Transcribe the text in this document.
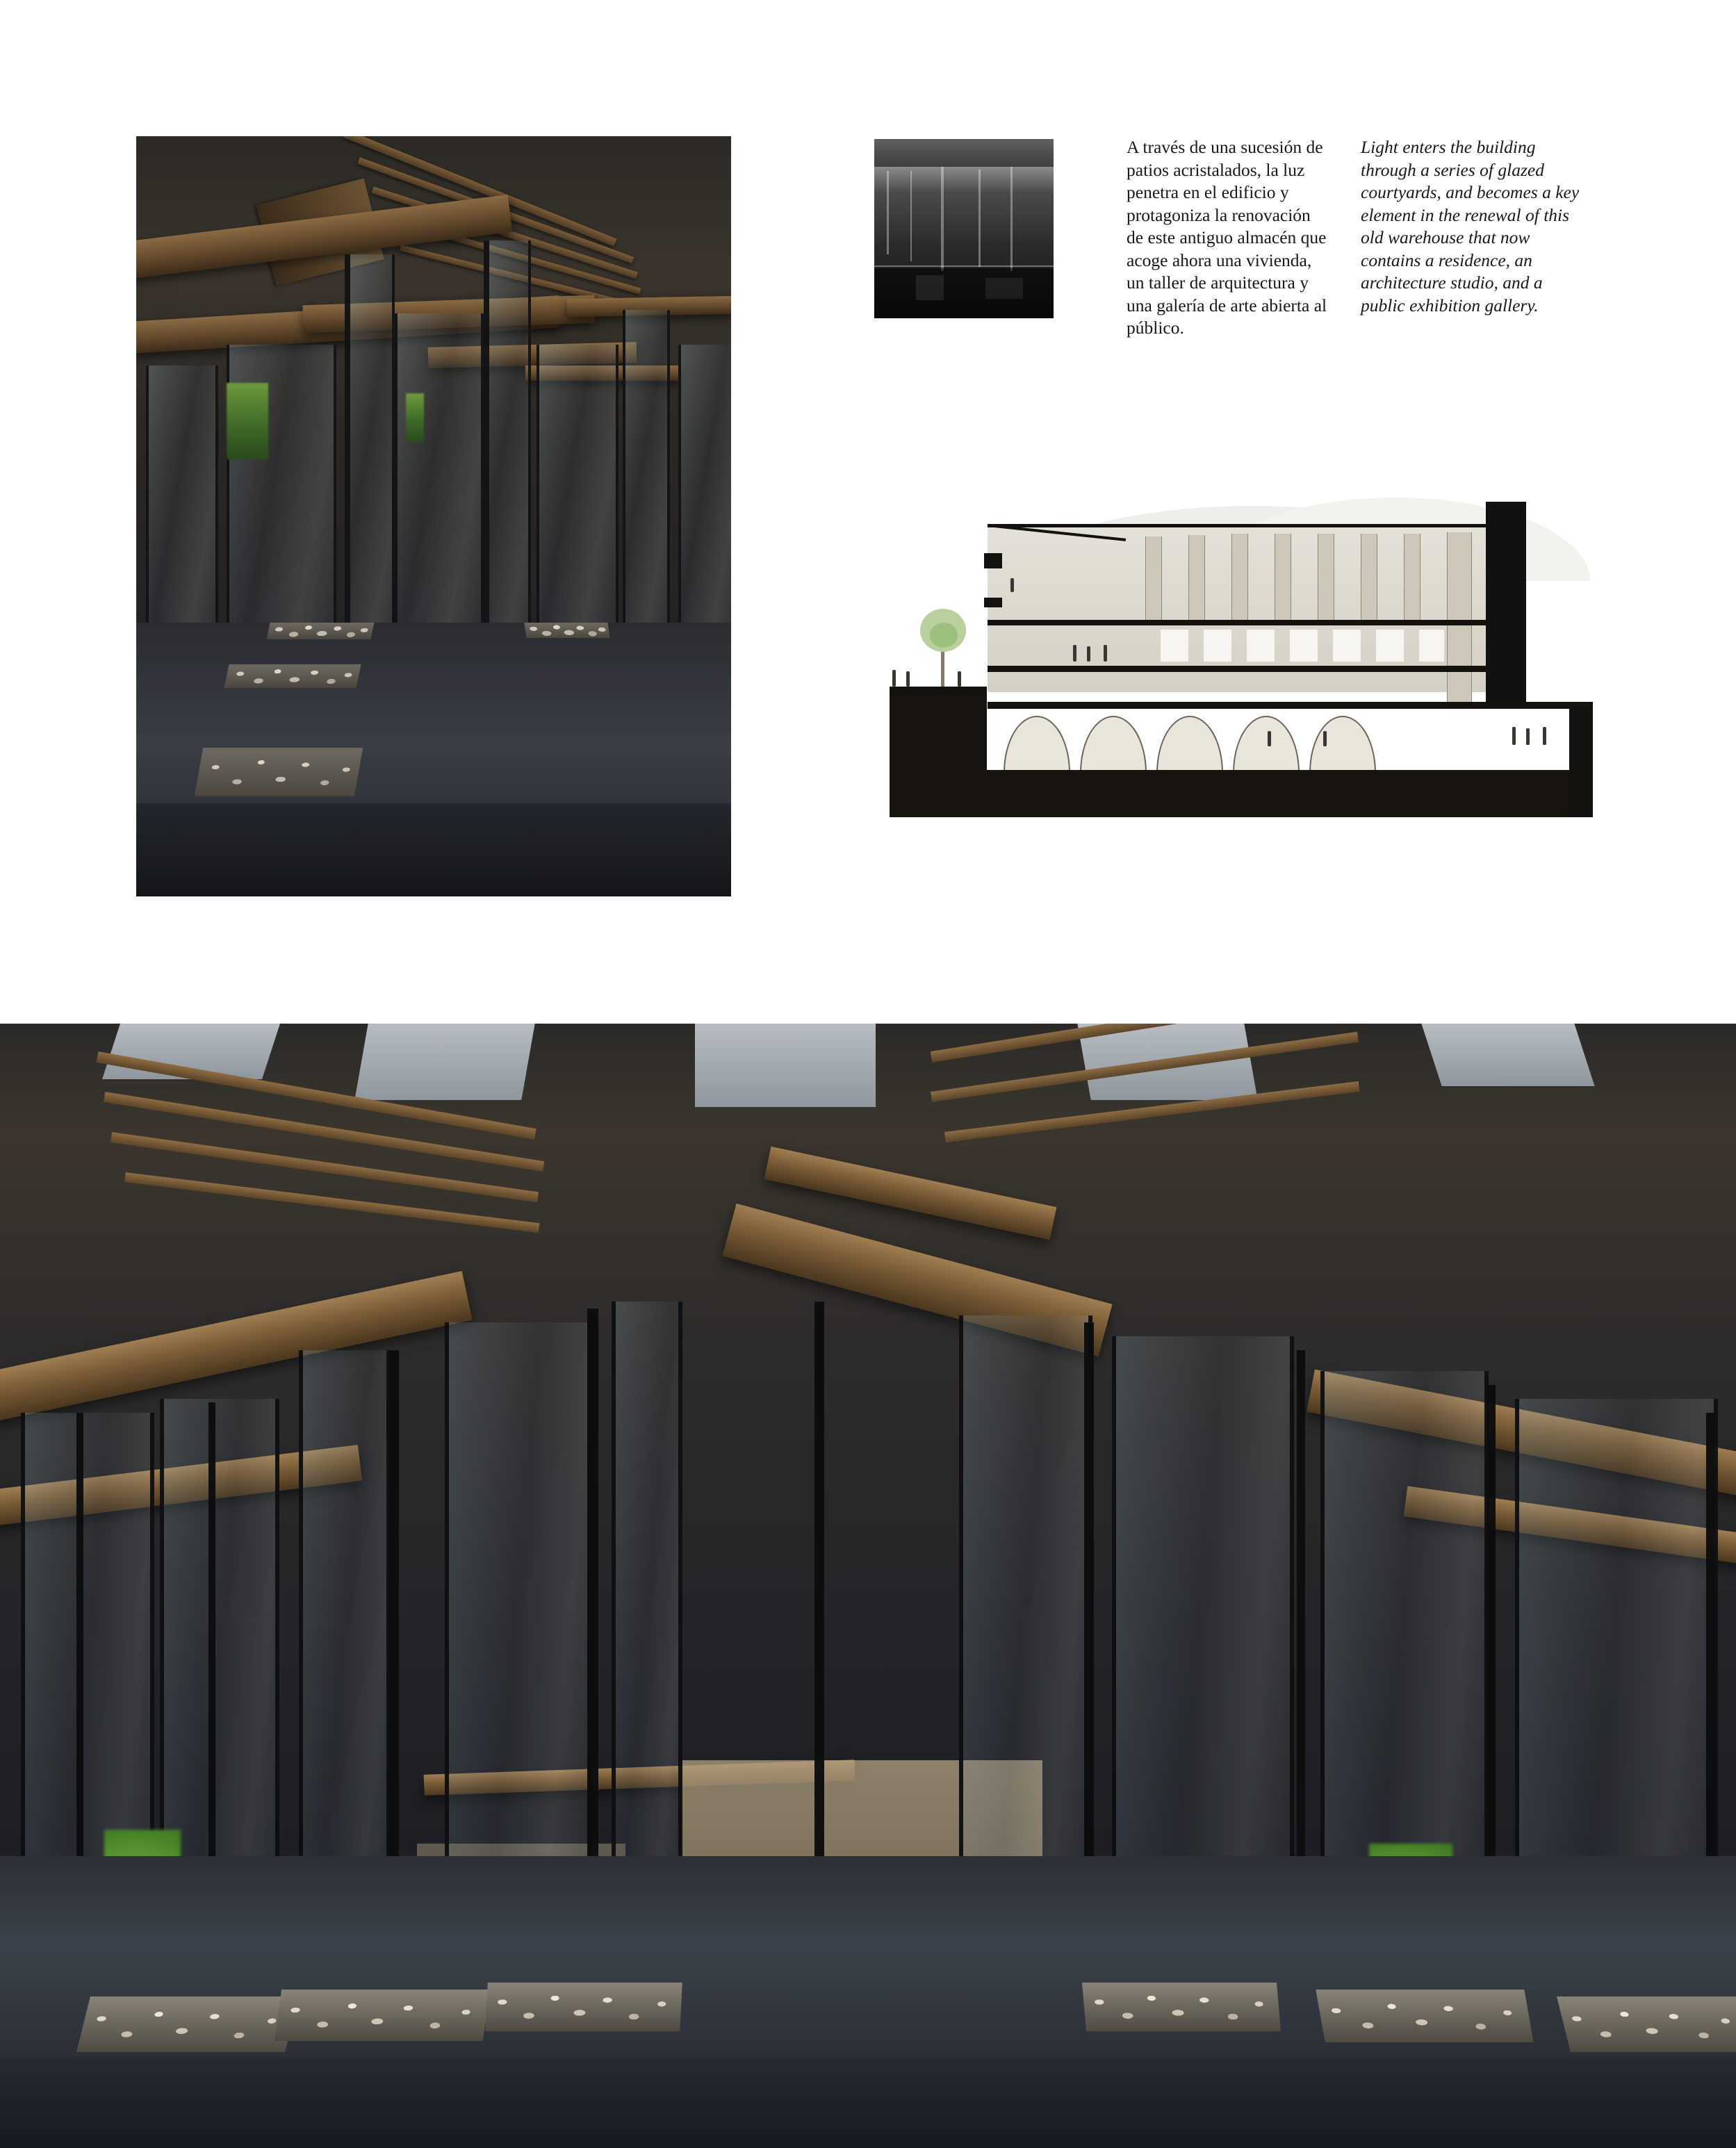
A través de una sucesión de patios acristalados, la luz penetra en el edificio y protagoniza la renovación de este antiguo almacén que acoge ahora una vivienda, un taller de arquitectura y una galería de arte abierta al público.
Light enters the building through a series of glazed courtyards, and becomes a key element in the renewal of this old warehouse that now contains a residence, an architecture studio, and a public exhibition gallery.
